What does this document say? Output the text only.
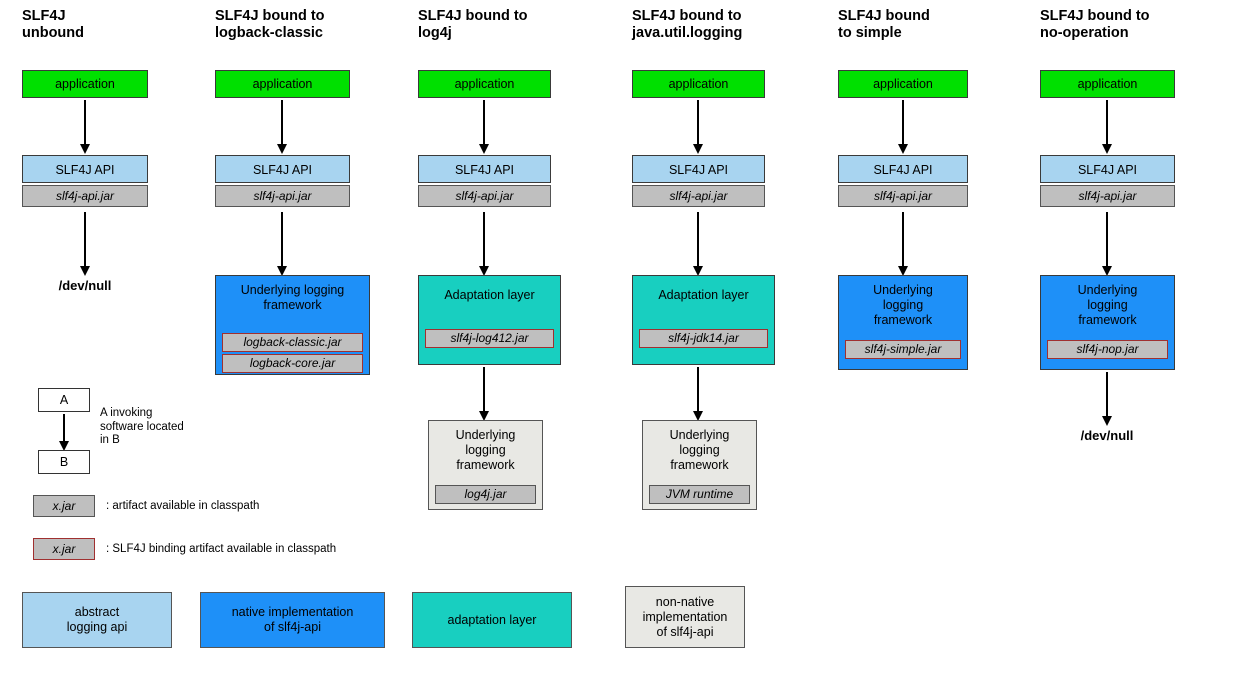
SLF4J
unbound
application
SLF4J API
slf4j-api.jar
/dev/null
SLF4J bound to
logback-classic
application
SLF4J API
slf4j-api.jar
Underlying logging
framework
logback-classic.jar
logback-core.jar
SLF4J bound to
log4j
application
SLF4J API
slf4j-api.jar
Adaptation layer
slf4j-log412.jar
Underlying
logging
framework
log4j.jar
SLF4J bound to
java.util.logging
application
SLF4J API
slf4j-api.jar
Adaptation layer
slf4j-jdk14.jar
Underlying
logging
framework
JVM runtime
SLF4J bound
to simple
application
SLF4J API
slf4j-api.jar
Underlying
logging
framework
slf4j-simple.jar
SLF4J bound to
no-operation
application
SLF4J API
slf4j-api.jar
Underlying
logging
framework
slf4j-nop.jar
/dev/null
A
B
A invoking
software located
in B
x.jar	: artifact available in classpath
x.jar	: SLF4J binding artifact available in classpath
abstract
logging api
native implementation
of slf4j-api
adaptation layer
non-native
implementation
of slf4j-api
